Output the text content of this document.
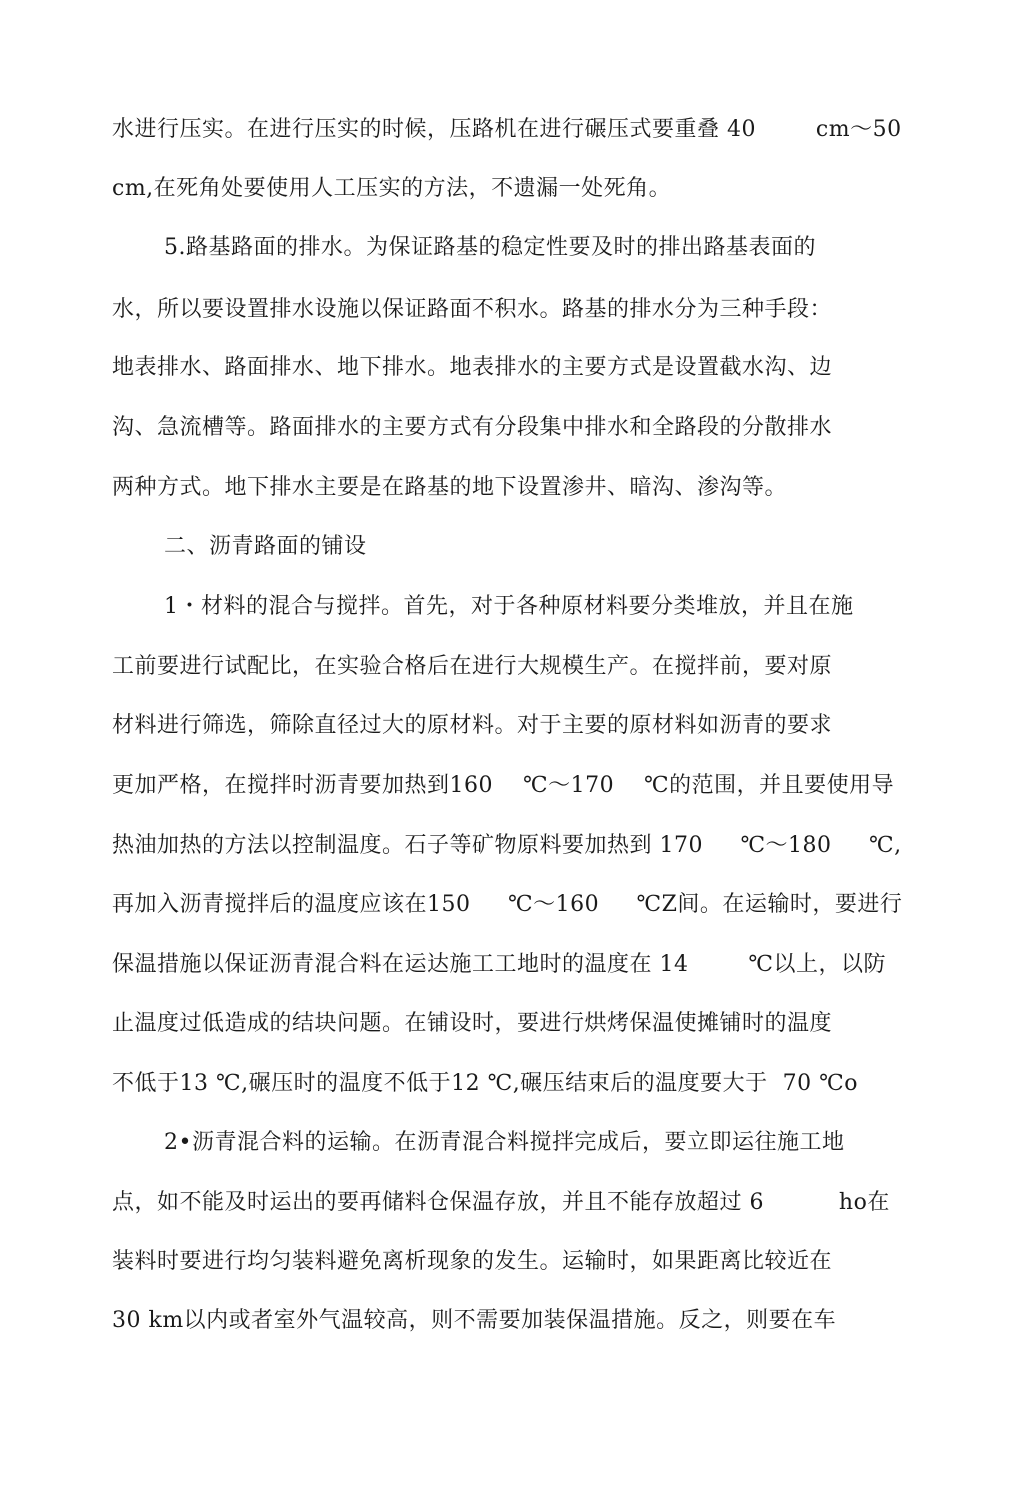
水进行压实。在进行压实的时候，压路机在进行碾压式要重叠 40        cm～50
cm,在死角处要使用人工压实的方法，不遗漏一处死角。
5.路基路面的排水。为保证路基的稳定性要及时的排出路基表面的
水，所以要设置排水设施以保证路面不积水。路基的排水分为三种手段：
地表排水、路面排水、地下排水。地表排水的主要方式是设置截水沟、边
沟、急流槽等。路面排水的主要方式有分段集中排水和全路段的分散排水
两种方式。地下排水主要是在路基的地下设置渗井、暗沟、渗沟等。
二、沥青路面的铺设
1・材料的混合与搅拌。首先，对于各种原材料要分类堆放，并且在施
工前要进行试配比，在实验合格后在进行大规模生产。在搅拌前，要对原
材料进行筛选，筛除直径过大的原材料。对于主要的原材料如沥青的要求
更加严格，在搅拌时沥青要加热到160    ℃～170    ℃的范围，并且要使用导
热油加热的方法以控制温度。石子等矿物原料要加热到 170     ℃～180     ℃,
再加入沥青搅拌后的温度应该在150     ℃～160     ℃Z间。在运输时，要进行
保温措施以保证沥青混合料在运达施工工地时的温度在 14        ℃以上，以防
止温度过低造成的结块问题。在铺设时，要进行烘烤保温使摊铺时的温度
不低于13 ℃,碾压时的温度不低于12 ℃,碾压结束后的温度要大于  70 ℃o
2•沥青混合料的运输。在沥青混合料搅拌完成后，要立即运往施工地
点，如不能及时运出的要再储料仓保温存放，并且不能存放超过 6          ho在
装料时要进行均匀装料避免离析现象的发生。运输时，如果距离比较近在
30 km以内或者室外气温较高，则不需要加装保温措施。反之，则要在车
